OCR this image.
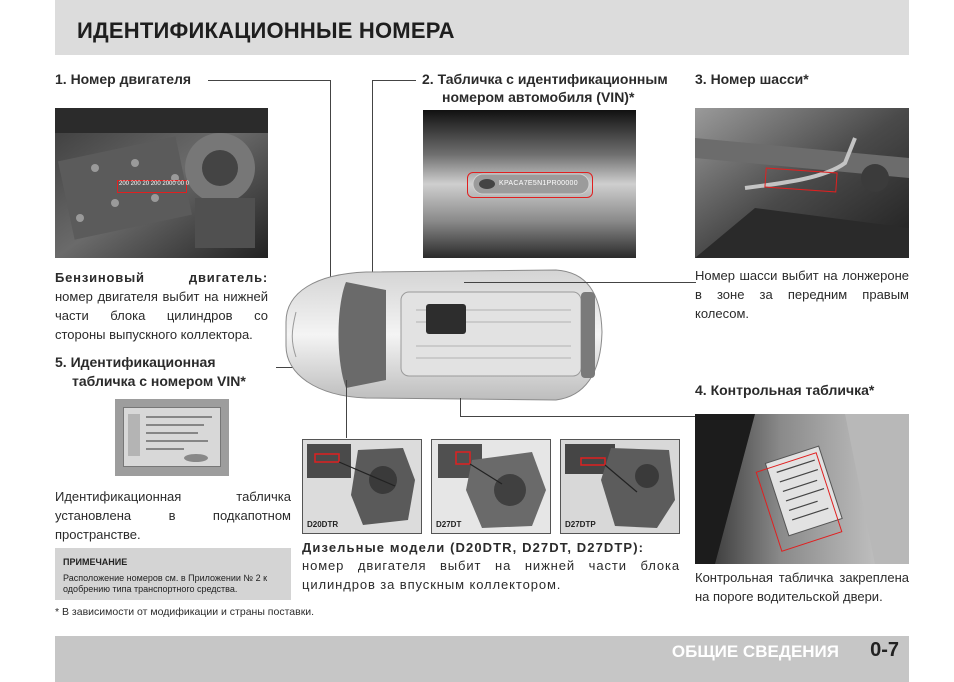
ИДЕНТИФИКАЦИОННЫЕ НОМЕРА
1. Номер двигателя
200 200 20 200 2000 00 0
Бензиновый двигатель: номер двигателя выбит на нижней части блока цилиндров со стороны выпускного коллектора.
5. Идентификационная
табличка с номером VIN*
Идентификационная табличка установлена в подкапотном пространстве.
ПРИМЕЧАНИЕ
Расположение номеров см. в Приложении № 2 к одобрению типа транспортного средства.
* В зависимости от модификации и страны поставки.
2. Табличка с идентификационным
номером автомобиля (VIN)*
KPACA7E5N1PR00000
3. Номер шасси*
Номер шасси выбит на лонжероне в зоне за передним правым колесом.
4. Контрольная табличка*
Контрольная табличка закреплена на пороге водительской двери.
D20DTR	D27DT	D27DTP
Дизельные модели (D20DTR, D27DT, D27DTP):
номер двигателя выбит на нижней части блока цилиндров за впускным коллектором.
ОБЩИЕ СВЕДЕНИЯ 0-7
